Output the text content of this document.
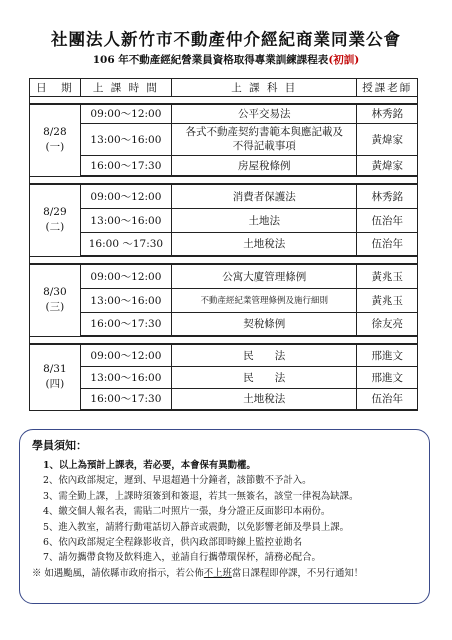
社團法人新竹市不動產仲介經紀商業同業公會
106 年不動產經紀營業員資格取得專業訓練課程表(初訓)
日　期	上 課 時 間	上 課 科 目	授課老師

8/28
(一)	09:00～12:00	公平交易法	林秀銘
	13:00～16:00	各式不動產契約書範本與應記載及不得記載事項	黃煒家
	16:00～17:30	房屋稅條例	黃煒家

8/29
(二)	09:00～12:00	消費者保護法	林秀銘
	13:00～16:00	土地法	伍治年
	16:00 ～17:30	土地稅法	伍治年

8/30
(三)	09:00～12:00	公寓大廈管理條例	黃兆玉
	13:00～16:00	不動產經紀業管理條例及施行細則	黃兆玉
	16:00～17:30	契稅條例	徐友亮

8/31
(四)	09:00～12:00	民　　法	邢進文
	13:00～16:00	民　　法	邢進文
	16:00～17:30	土地稅法	伍治年
學員須知：
1、以上為預計上課表，若必要，本會保有異動權。
2、依內政部規定，遲到、早退超過十分鐘者，該節數不予計入。
3、需全勤上課，上課時須簽到和簽退，若其一無簽名，該堂一律視為缺課。
4、繳交個人報名表，需貼二吋照片一張，身分證正反面影印本兩份。
5、進入教室，請將行動電話切入靜音或震動，以免影響老師及學員上課。
6、依內政部規定全程錄影收音，供內政部即時線上監控並勘名
7、請勿攜帶食物及飲料進入，並請自行攜帶環保杯，請務必配合。
※ 如遇颱風，請依縣市政府指示，若公佈不上班當日課程即停課，不另行通知！
